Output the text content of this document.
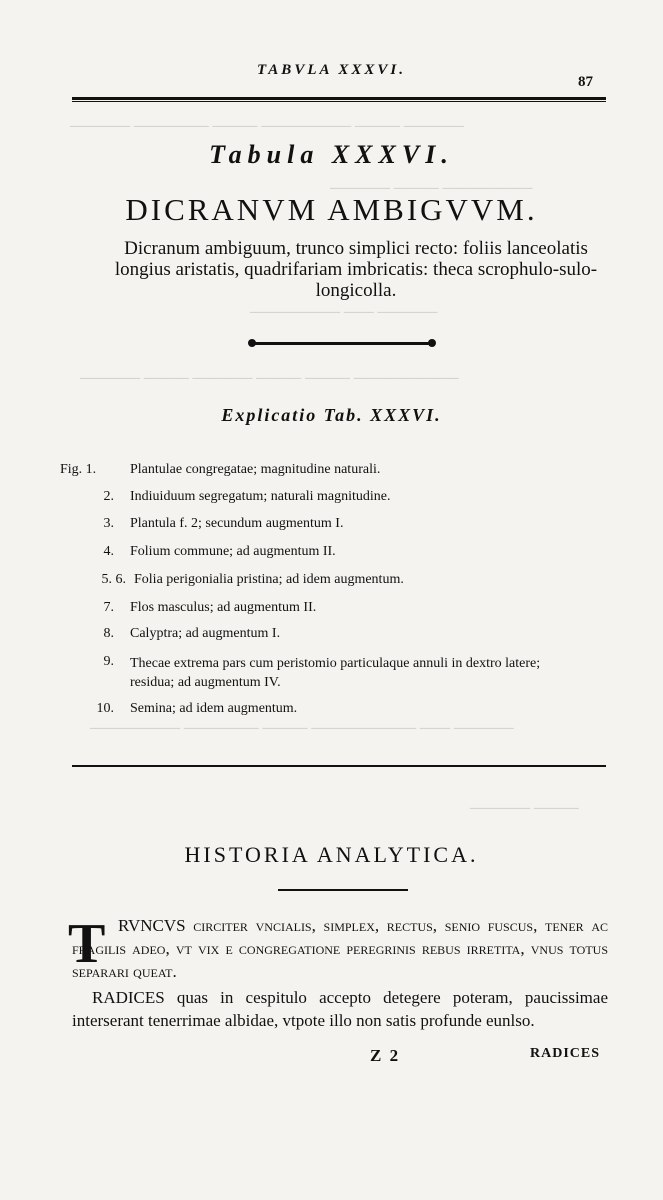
———— ——— —————— ——— ————— ————
—————— ——— ————
———— —— ——————
——————— ——— ——— ———— ——— ————
———— —— ——————— ——— ————— ——————
——— ————
TABVLA XXXVI.
87
Tabula XXXVI.
DICRANVM AMBIGVVM.
Dicranum ambiguum, trunco simplici recto: foliis lanceolatis longius aristatis, quadrifariam imbricatis: theca scrophulo-sulo-longicolla.
Explicatio Tab. XXXVI.
Fig. 1.	Plantulae congregatae; magnitudine naturali.
2. Indiuiduum segregatum; naturali magnitudine.
3. Plantula f. 2; secundum augmentum I.
4. Folium commune; ad augmentum II.
5. 6. Folia perigonialia pristina; ad idem augmentum.
7. Flos masculus; ad augmentum II.
8. Calyptra; ad augmentum I.
9. Thecae extrema pars cum peristomio particulaque annuli in dextro latere; residua; ad augmentum IV.
10. Semina; ad idem augmentum.
HISTORIA ANALYTICA.
T RVNCVS circiter vncialis, simplex, rectus, senio fuscus, tener ac fragilis adeo, vt vix e congregatione peregrinis rebus irretita, vnus totus separari queat.
RADICES quas in cespitulo accepto detegere poteram, paucissimae interserant tenerrimae albidae, vtpote illo non satis profunde eunlso.
Z 2	RADICES
